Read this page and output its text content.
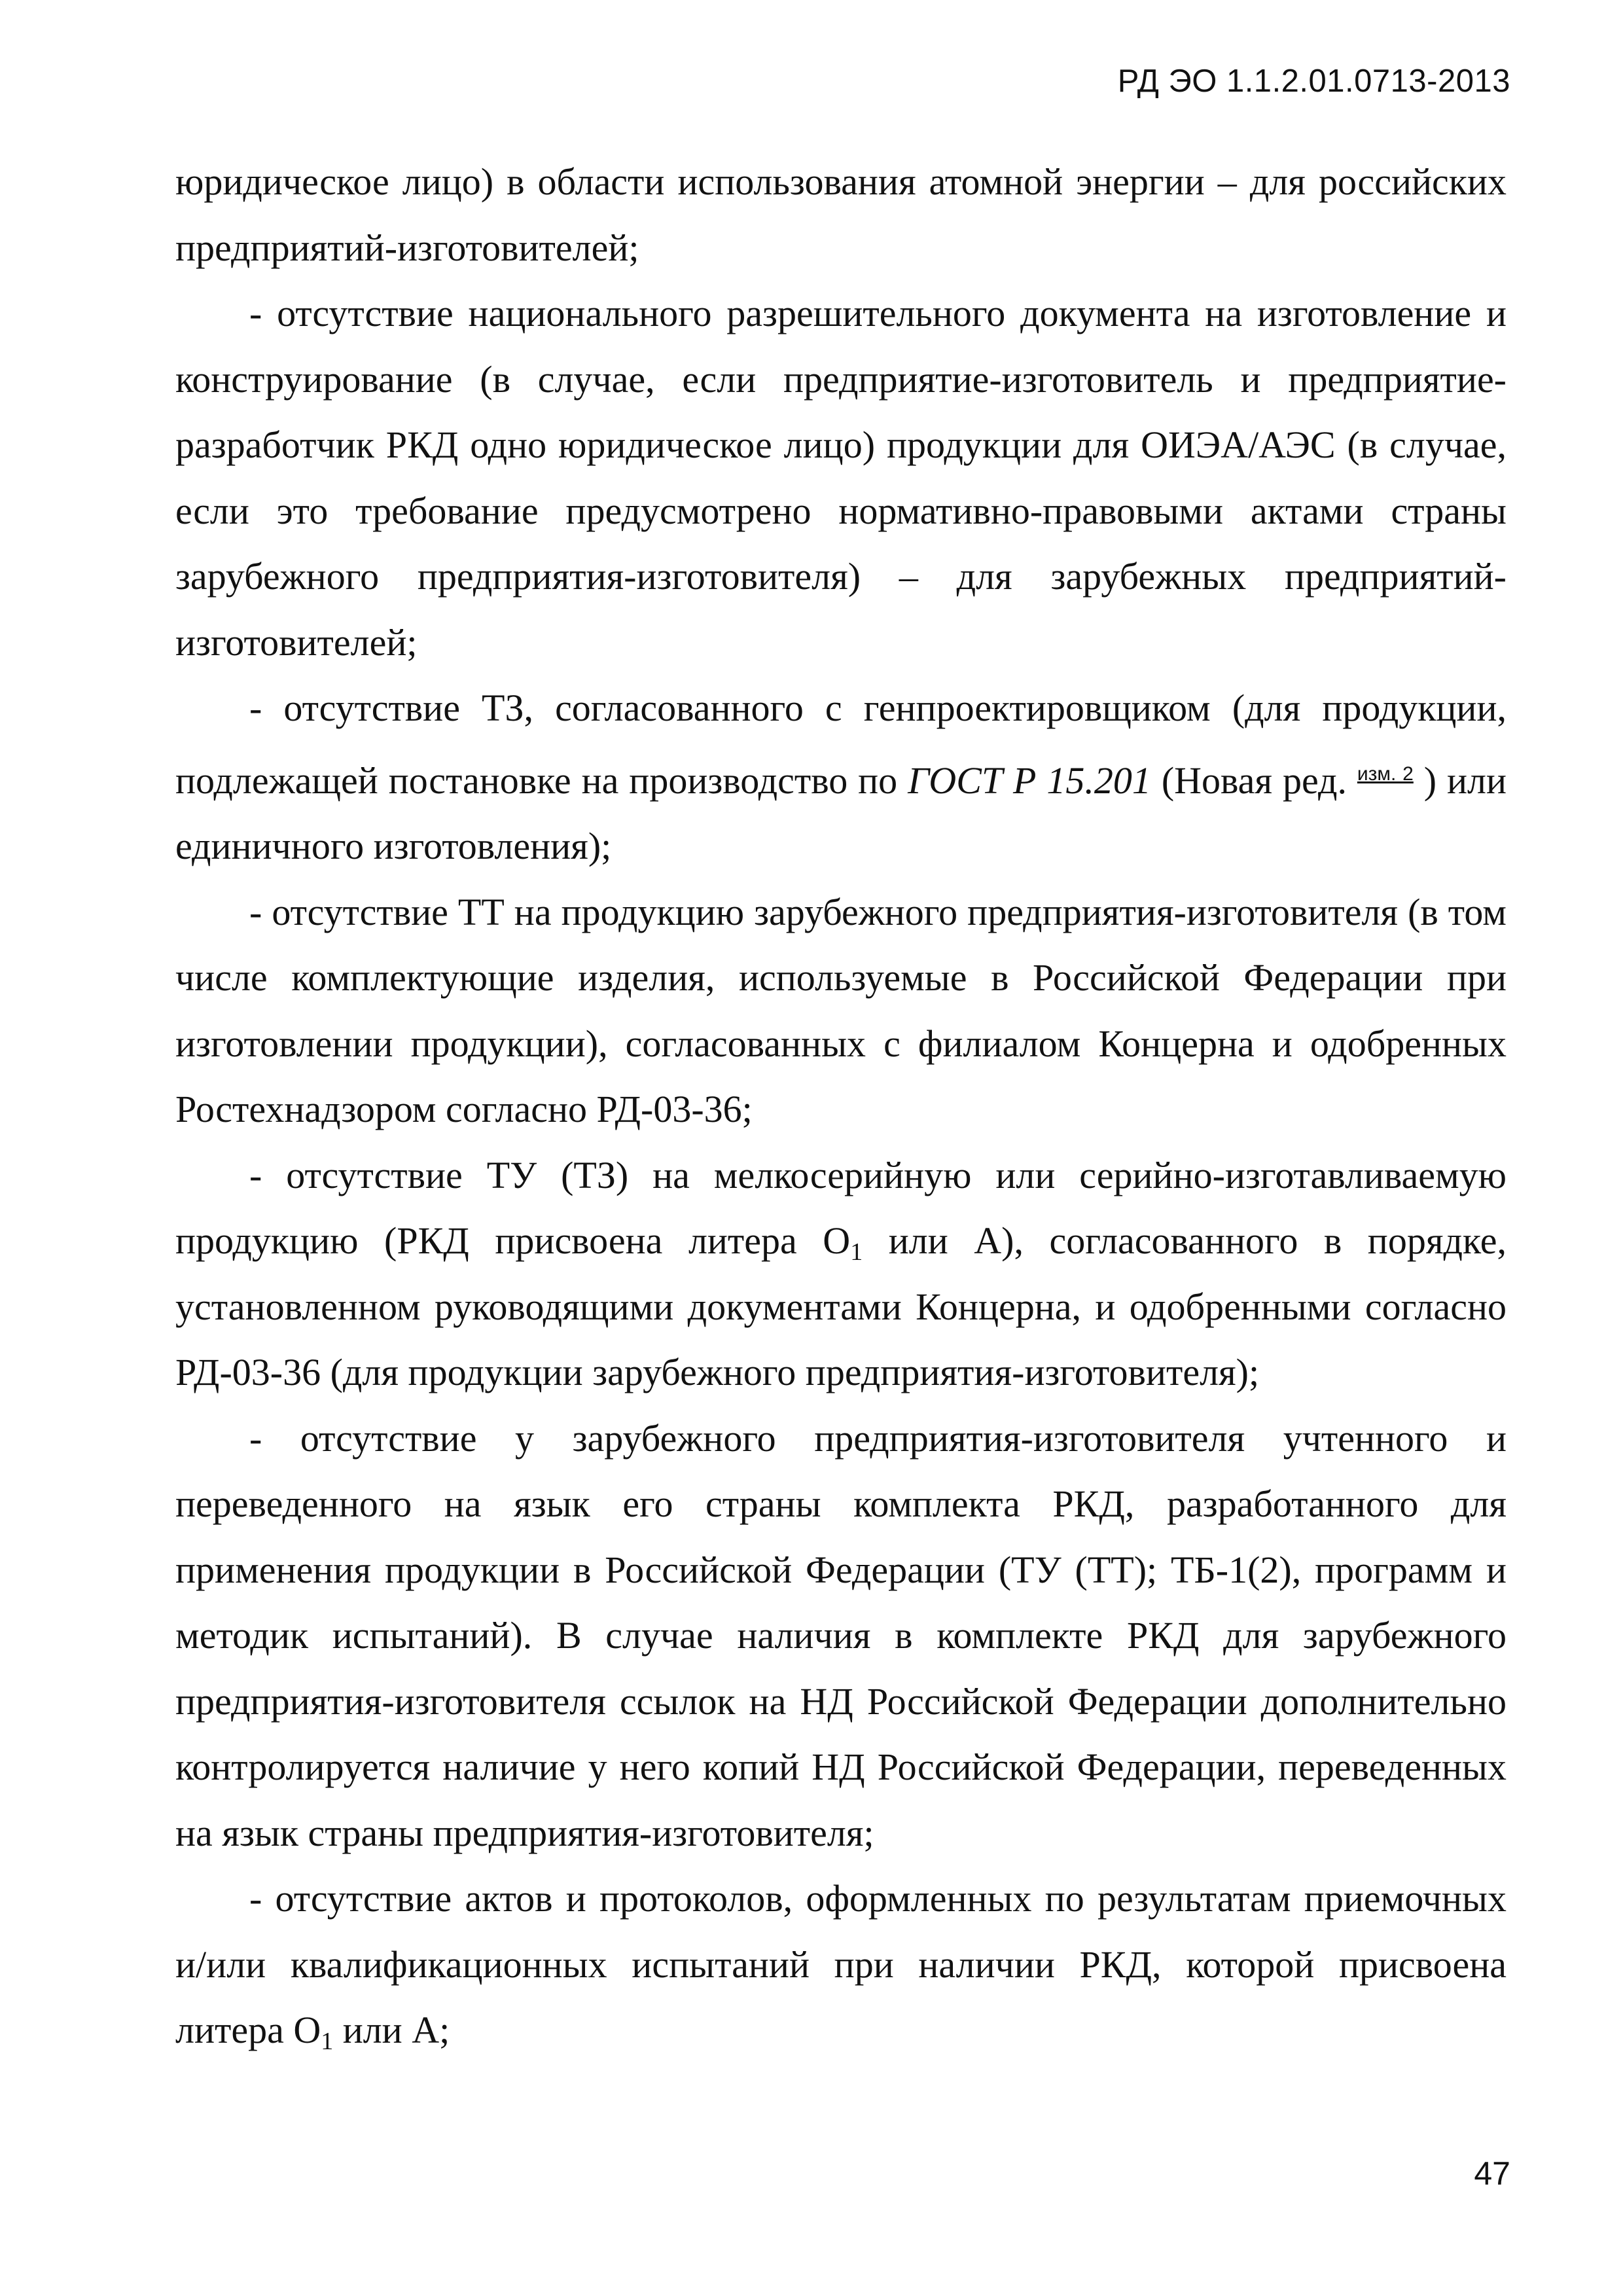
РД ЭО 1.1.2.01.0713-2013

юридическое лицо) в области использования атомной энергии – для российских предприятий-изготовителей;

- отсутствие национального разрешительного документа на изготовление и конструирование (в случае, если предприятие-изготовитель и предприятие-разработчик РКД одно юридическое лицо) продукции для ОИЭА/АЭС (в случае, если это требование предусмотрено нормативно-правовыми актами страны зарубежного предприятия-изготовителя) – для зарубежных предприятий-изготовителей;

- отсутствие ТЗ, согласованного с генпроектировщиком (для продукции, подлежащей постановке на производство по ГОСТ Р 15.201 (Новая ред. $^{изм. 2}$ ) или единичного изготовления);

- отсутствие ТТ на продукцию зарубежного предприятия-изготовителя (в том числе комплектующие изделия, используемые в Российской Федерации при изготовлении продукции), согласованных с филиалом Концерна и одобренных Ростехнадзором согласно РД-03-36;

- отсутствие ТУ (ТЗ) на мелкосерийную или серийно-изготавливаемую продукцию (РКД присвоена литера $О_1$ или А), согласованного в порядке, установленном руководящими документами Концерна, и одобренными согласно РД-03-36 (для продукции зарубежного предприятия-изготовителя);

- отсутствие у зарубежного предприятия-изготовителя учтенного и переведенного на язык его страны комплекта РКД, разработанного для применения продукции в Российской Федерации (ТУ (ТТ); ТБ-1(2), программ и методик испытаний). В случае наличия в комплекте РКД для зарубежного предприятия-изготовителя ссылок на НД Российской Федерации дополнительно контролируется наличие у него копий НД Российской Федерации, переведенных на язык страны предприятия-изготовителя;

- отсутствие актов и протоколов, оформленных по результатам приемочных и/или квалификационных испытаний при наличии РКД, которой присвоена литера $О_1$ или А;

47
